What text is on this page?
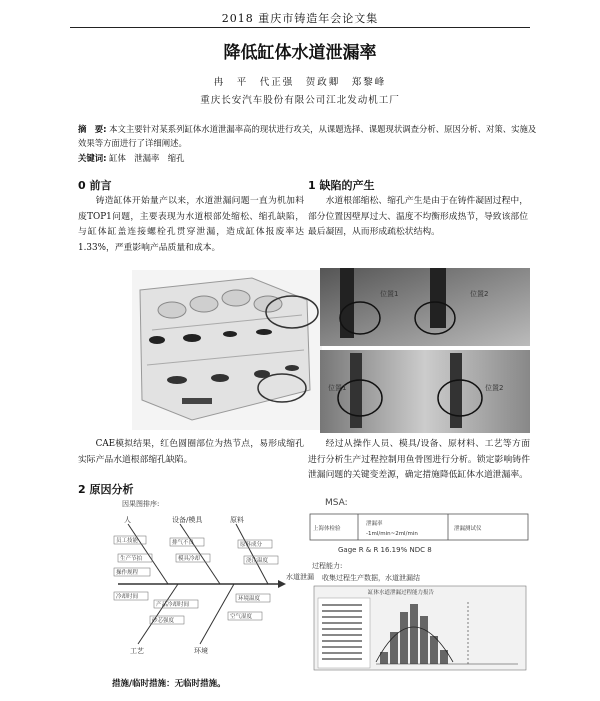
2018 重庆市铸造年会论文集
降低缸体水道泄漏率
冉　平　代正强　贺政卿　郑黎峰
重庆长安汽车股份有限公司江北发动机工厂
摘　要: 本文主要针对某系列缸体水道泄漏率高的现状进行攻关，从课题选择、课题现状调查分析、原因分析、对策、实施及效果等方面进行了详细阐述。
关键词: 缸体　泄漏率　缩孔
0 前言
铸造缸体开始量产以来，水道泄漏问题一直为机加料废TOP1问题，主要表现为水道根部处缩松、缩孔缺陷，与缸体缸盖连接螺栓孔贯穿泄漏，造成缸体报废率达1.33%，严重影响产品质量和成本。
1 缺陷的产生
水道根部缩松、缩孔产生是由于在铸件凝固过程中，部分位置因壁厚过大、温度不均衡形成热节，导致该部位最后凝固，从而形成疏松状结构。
位置1	位置2
位置1	位置2
CAE模拟结果，红色圆圈部位为热节点，易形成缩孔实际产品水道根部缩孔缺陷。
经过从操作人员、模具/设备、原材料、工艺等方面进行分析生产过程控制用鱼骨图进行分析。锁定影响铸件泄漏问题的关键变差源，确定措施降低缸体水道泄漏率。
2 原因分析
因果图排序:
人	设备/模具	原料
工艺	环境
水道泄漏
员工技能
生产节拍
操作规程
排气不良
模具冷却
原料成分
浇注温度
冷却时间
产品冷却时间
砂芯强度
环境温度
空气湿度
MSA:
上海体检验
泄漏率
-1ml/min~2ml/min
泄漏测试仪
Gage R & R 16.19% NDC 8
过程能力:
收集过程生产数据，水道泄漏结
缸体水道泄漏过程能力报告
措施/临时措施：无临时措施。
